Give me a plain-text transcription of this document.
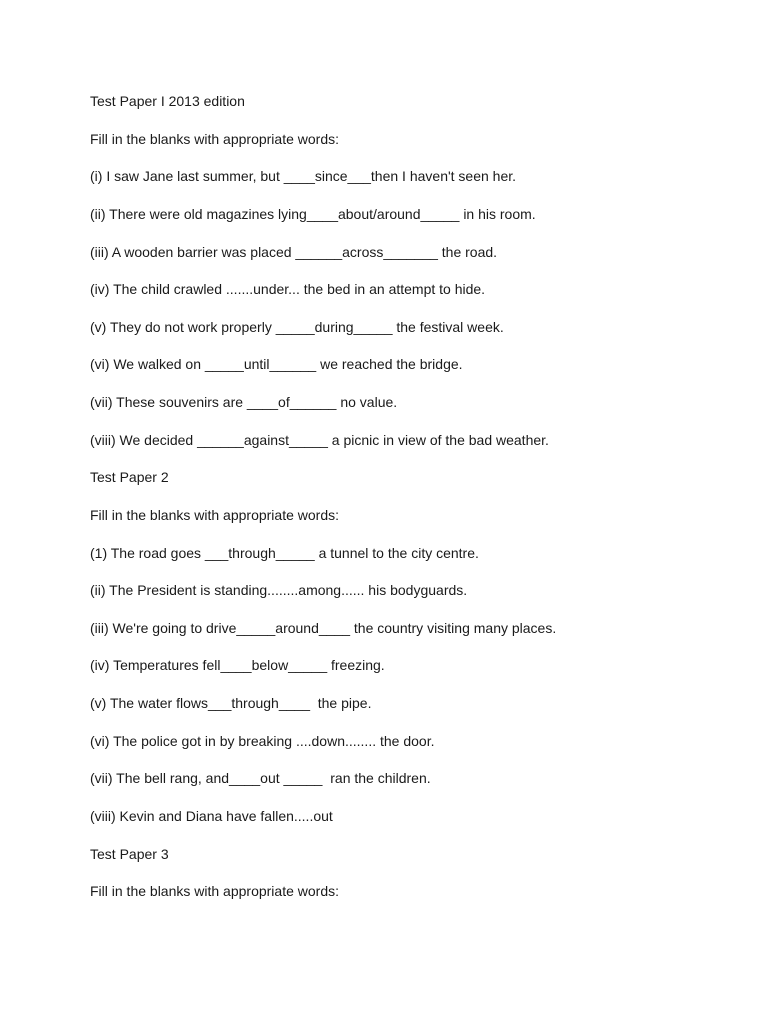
Test Paper I 2013 edition

Fill in the blanks with appropriate words:

(i) I saw Jane last summer, but ____since___then I haven't seen her.

(ii) There were old magazines lying____about/around_____ in his room.

(iii) A wooden barrier was placed ______across_______ the road.

(iv) The child crawled .......under... the bed in an attempt to hide.

(v) They do not work properly _____during_____ the festival week.

(vi) We walked on _____until______ we reached the bridge.

(vii) These souvenirs are ____of______ no value.

(viii) We decided ______against_____ a picnic in view of the bad weather.

Test Paper 2

Fill in the blanks with appropriate words:

(1) The road goes ___through_____ a tunnel to the city centre.

(ii) The President is standing........among...... his bodyguards.

(iii) We're going to drive_____around____ the country visiting many places.

(iv) Temperatures fell____below_____ freezing.

(v) The water flows___through____  the pipe.

(vi) The police got in by breaking ....down........ the door.

(vii) The bell rang, and____out _____  ran the children.

(viii) Kevin and Diana have fallen.....out

Test Paper 3

Fill in the blanks with appropriate words:
